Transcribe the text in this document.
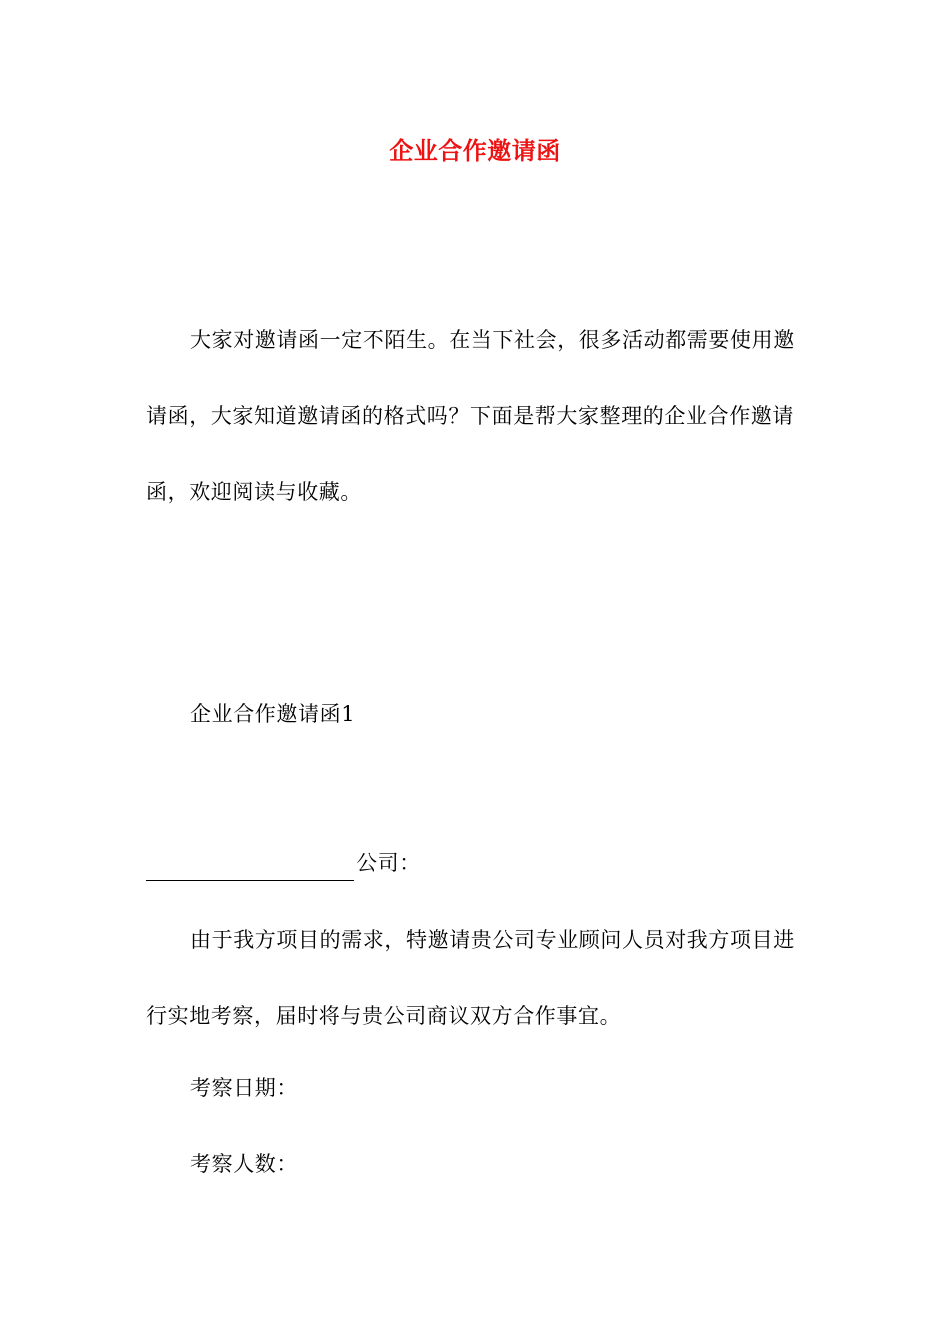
企业合作邀请函
大家对邀请函一定不陌生。在当下社会，很多活动都需要使用邀请函，大家知道邀请函的格式吗？下面是帮大家整理的企业合作邀请函，欢迎阅读与收藏。
企业合作邀请函1
公司：
由于我方项目的需求，特邀请贵公司专业顾问人员对我方项目进行实地考察，届时将与贵公司商议双方合作事宜。
考察日期：
考察人数：
